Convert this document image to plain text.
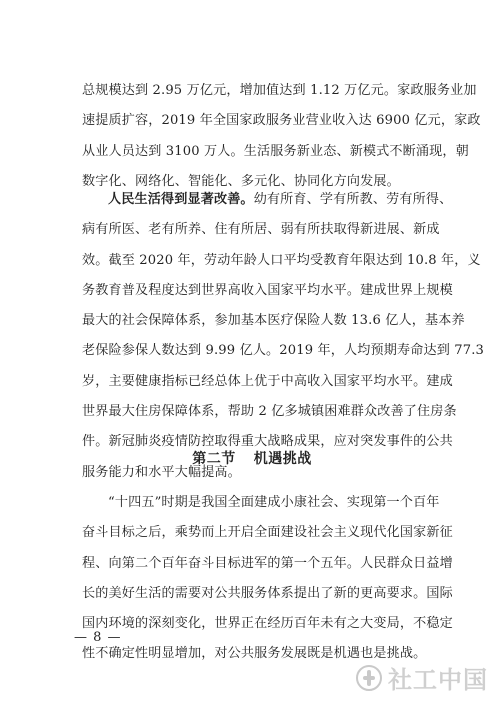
总规模达到 2.95 万亿元，增加值达到 1.12 万亿元。家政服务业加
速提质扩容，2019 年全国家政服务业营业收入达 6900 亿元，家政
从业人员达到 3100 万人。生活服务新业态、新模式不断涌现，朝
数字化、网络化、智能化、多元化、协同化方向发展。

人民生活得到显著改善。幼有所育、学有所教、劳有所得、
病有所医、老有所养、住有所居、弱有所扶取得新进展、新成
效。截至 2020 年，劳动年龄人口平均受教育年限达到 10.8 年，义
务教育普及程度达到世界高收入国家平均水平。建成世界上规模
最大的社会保障体系，参加基本医疗保险人数 13.6 亿人，基本养
老保险参保人数达到 9.99 亿人。2019 年，人均预期寿命达到 77.3
岁，主要健康指标已经总体上优于中高收入国家平均水平。建成
世界最大住房保障体系，帮助 2 亿多城镇困难群众改善了住房条
件。新冠肺炎疫情防控取得重大战略成果，应对突发事件的公共
服务能力和水平大幅提高。

第二节 机遇挑战

“十四五”时期是我国全面建成小康社会、实现第一个百年
奋斗目标之后，乘势而上开启全面建设社会主义现代化国家新征
程、向第二个百年奋斗目标进军的第一个五年。人民群众日益增
长的美好生活的需要对公共服务体系提出了新的更高要求。国际
国内环境的深刻变化，世界正在经历百年未有之大变局，不稳定
性不确定性明显增加，对公共服务发展既是机遇也是挑战。

— 8 —
社工中国
